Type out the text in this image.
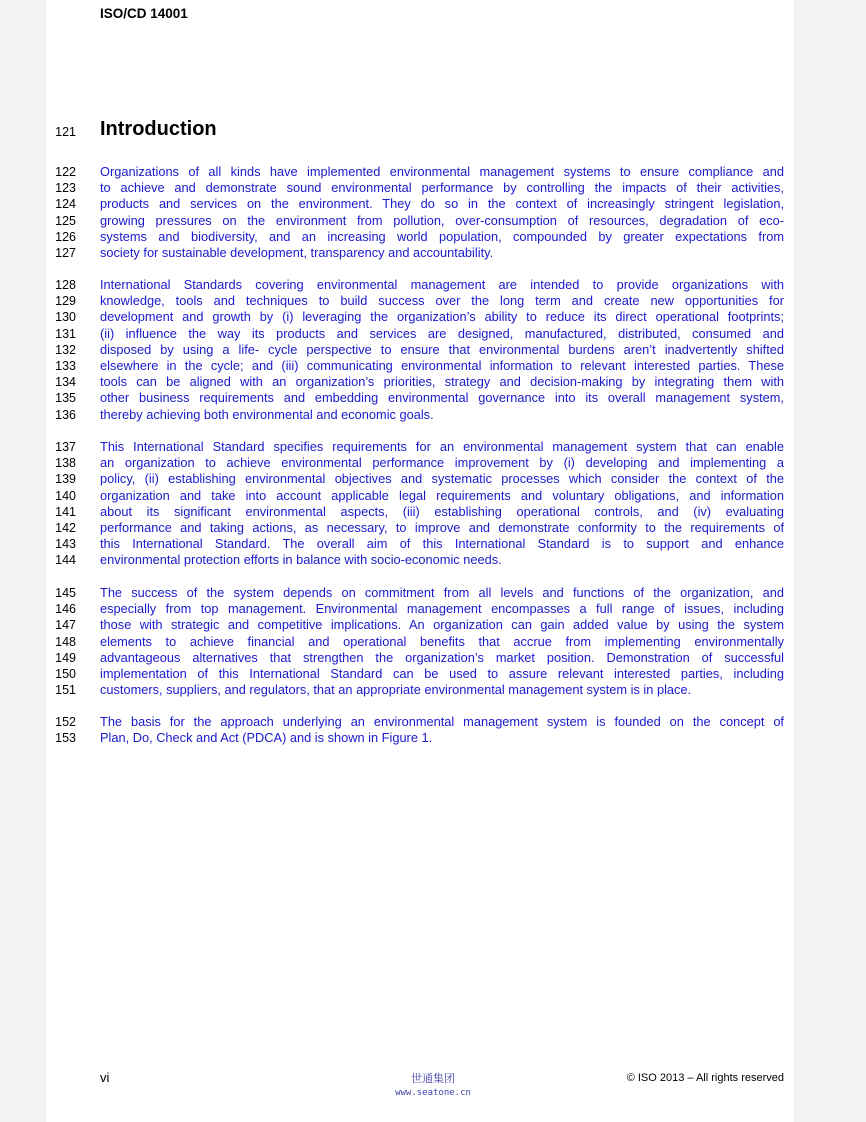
ISO/CD 14001
121 Introduction
122 Organizations of all kinds have implemented environmental management systems to ensure compliance and
123 to achieve and demonstrate sound environmental performance by controlling the impacts of their activities,
124 products and services on the environment. They do so in the context of increasingly stringent legislation,
125 growing pressures on the environment from pollution, over-consumption of resources, degradation of eco-
126 systems and biodiversity, and an increasing world population, compounded by greater expectations from
127 society for sustainable development, transparency and accountability.
128 International Standards covering environmental management are intended to provide organizations with
129 knowledge, tools and techniques to build success over the long term and create new opportunities for
130 development and growth by (i) leveraging the organization’s ability to reduce its direct operational footprints;
131 (ii) influence the way its products and services are designed, manufactured, distributed, consumed and
132 disposed by using a life- cycle perspective to ensure that environmental burdens aren’t inadvertently shifted
133 elsewhere in the cycle; and (iii) communicating environmental information to relevant interested parties. These
134 tools can be aligned with an organization’s priorities, strategy and decision-making by integrating them with
135 other business requirements and embedding environmental governance into its overall management system,
136 thereby achieving both environmental and economic goals.
137 This International Standard specifies requirements for an environmental management system that can enable
138 an organization to achieve environmental performance improvement by (i) developing and implementing a
139 policy, (ii) establishing environmental objectives and systematic processes which consider the context of the
140 organization and take into account applicable legal requirements and voluntary obligations, and information
141 about its significant environmental aspects, (iii) establishing operational controls, and (iv) evaluating
142 performance and taking actions, as necessary, to improve and demonstrate conformity to the requirements of
143 this International Standard. The overall aim of this International Standard is to support and enhance
144 environmental protection efforts in balance with socio-economic needs.
145 The success of the system depends on commitment from all levels and functions of the organization, and
146 especially from top management. Environmental management encompasses a full range of issues, including
147 those with strategic and competitive implications. An organization can gain added value by using the system
148 elements to achieve financial and operational benefits that accrue from implementing environmentally
149 advantageous alternatives that strengthen the organization’s market position. Demonstration of successful
150 implementation of this International Standard can be used to assure relevant interested parties, including
151 customers, suppliers, and regulators, that an appropriate environmental management system is in place.
152 The basis for the approach underlying an environmental management system is founded on the concept of
153 Plan, Do, Check and Act (PDCA) and is shown in Figure 1.
vi	世通集团
www.seatone.cn
© ISO 2013 – All rights reserved
